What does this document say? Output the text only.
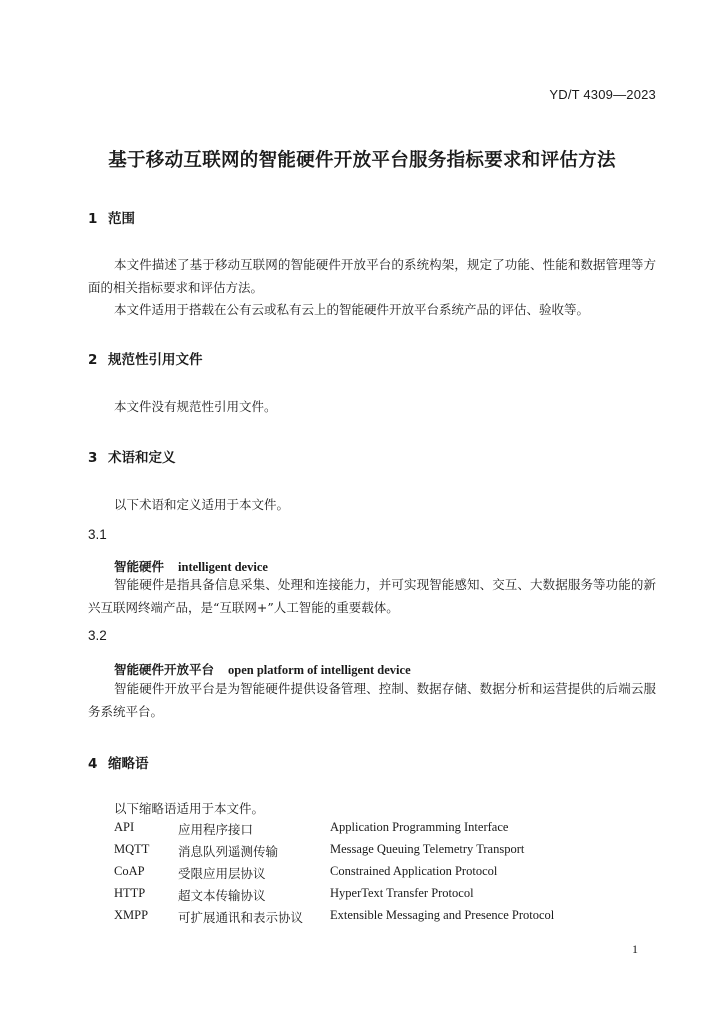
YD/T 4309—2023
基于移动互联网的智能硬件开放平台服务指标要求和评估方法
1 范围
本文件描述了基于移动互联网的智能硬件开放平台的系统构架，规定了功能、性能和数据管理等方面的相关指标要求和评估方法。
本文件适用于搭载在公有云或私有云上的智能硬件开放平台系统产品的评估、验收等。
2 规范性引用文件
本文件没有规范性引用文件。
3 术语和定义
以下术语和定义适用于本文件。
3.1
智能硬件 intelligent device
智能硬件是指具备信息采集、处理和连接能力，并可实现智能感知、交互、大数据服务等功能的新兴互联网终端产品，是“互联网+”人工智能的重要载体。
3.2
智能硬件开放平台 open platform of intelligent device
智能硬件开放平台是为智能硬件提供设备管理、控制、数据存储、数据分析和运营提供的后端云服务系统平台。
4 缩略语
以下缩略语适用于本文件。
API	应用程序接口	Application Programming Interface
MQTT 消息队列遥测传输	Message Queuing Telemetry Transport
CoAP	受限应用层协议	Constrained Application Protocol
HTTP	超文本传输协议	HyperText Transfer Protocol
XMPP 可扩展通讯和表示协议 Extensible Messaging and Presence Protocol
1
